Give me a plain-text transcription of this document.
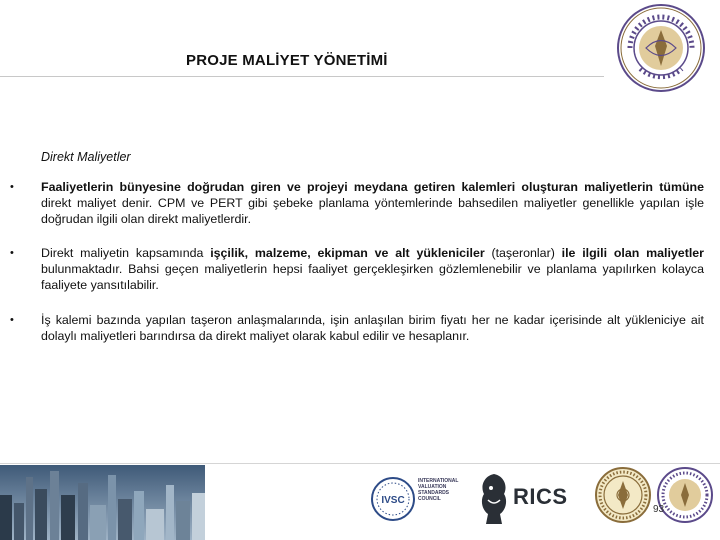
PROJE MALİYET YÖNETİMİ
Direkt Maliyetler
• Faaliyetlerin bünyesine doğrudan giren ve projeyi meydana getiren kalemleri oluşturan maliyetlerin tümüne direkt maliyet denir. CPM ve PERT gibi şebeke planlama yöntemlerinde bahsedilen maliyetler genellikle yapılan işle doğrudan ilgili olan direkt maliyetlerdir.
• Direkt maliyetin kapsamında işçilik, malzeme, ekipman ve alt yükleniciler (taşeronlar) ile ilgili olan maliyetler bulunmaktadır. Bahsi geçen maliyetlerin hepsi faaliyet gerçekleşirken gözlemlenebilir ve planlama yapılırken kolayca faaliyete yansıtılabilir.
• İş kalemi bazında yapılan taşeron anlaşmalarında, işin anlaşılan birim fiyatı her ne kadar içerisinde alt yükleniciye ait dolaylı maliyetleri barındırsa da direkt maliyet olarak kabul edilir ve hesaplanır.
IVSC
INTERNATIONAL VALUATION STANDARDS COUNCIL	RICS
93
